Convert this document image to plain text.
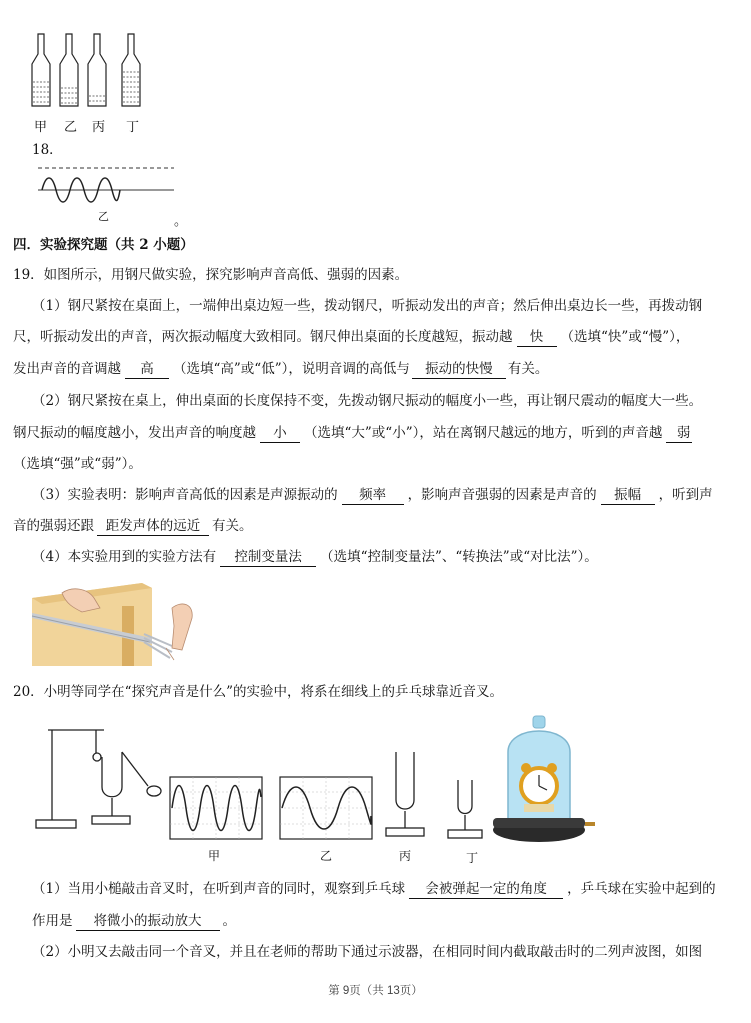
甲 乙 丙 丁
18．
乙	。
四．实验探究题（共 2 小题）
19．如图所示，用钢尺做实验，探究影响声音高低、强弱的因素。
（1）钢尺紧按在桌面上，一端伸出桌边短一些，拨动钢尺，听振动发出的声音；然后伸出桌边长一些，再拨动钢
尺，听振动发出的声音，两次振动幅度大致相同。钢尺伸出桌面的长度越短，振动越 快 （选填“快”或“慢”），
发出声音的音调越 高 （选填“高”或“低”），说明音调的高低与 振动的快慢 有关。
（2）钢尺紧按在桌上，伸出桌面的长度保持不变，先拨动钢尺振动的幅度小一些，再让钢尺震动的幅度大一些。
钢尺振动的幅度越小，发出声音的响度越 小 （选填“大”或“小”），站在离钢尺越远的地方，听到的声音越 弱
（选填“强”或“弱”）。
（3）实验表明：影响声音高低的因素是声源振动的 频率 ，影响声音强弱的因素是声音的 振幅 ，听到声
音的强弱还跟 距发声体的远近 有关。
（4）本实验用到的实验方法有 控制变量法 （选填“控制变量法”、“转换法”或“对比法”）。
20．小明等同学在“探究声音是什么”的实验中，将系在细线上的乒乓球靠近音叉。
甲	乙	丙	丁
（1）当用小槌敲击音叉时，在听到声音的同时，观察到乒乓球 会被弹起一定的角度 ，乒乓球在实验中起到的
作用是 将微小的振动放大 。
（2）小明又去敲击同一个音叉，并且在老师的帮助下通过示波器，在相同时间内截取敲击时的二列声波图，如图
第 9页（共 13页）
